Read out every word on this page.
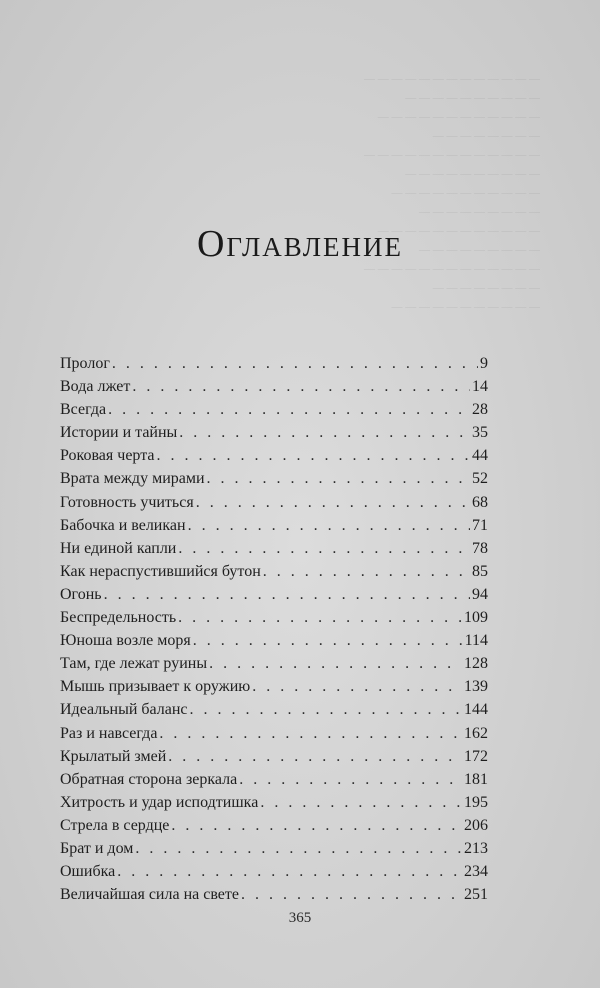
— — — — — — — — — — — — —
— — — — — — — — — —
— — — — — — — — — — — —
— — — — — — — —
— — — — — — — — — — — — —
— — — — — — — — — —
— — — — — — — — — — —
— — — — — — — — —
— — — — — — — — — — — —
— — — — — — — — —
— — — — — — — — — — — — —
— — — — — — — —
— — — — — — — — — — —
Оглавление
Пролог . . .	9
Вода лжет . . .	14
Всегда . . .	28
Истории и тайны . . .	35
Роковая черта . . .	44
Врата между мирами . . .	52
Готовность учиться . . .	68
Бабочка и великан . . .	71
Ни единой капли . . .	78
Как нераспустившийся бутон . . .	85
Огонь . . .	94
Беспредельность . . .	109
Юноша возле моря . . .	114
Там, где лежат руины . . .	128
Мышь призывает к оружию . . .	139
Идеальный баланс . . .	144
Раз и навсегда . . .	162
Крылатый змей . . .	172
Обратная сторона зеркала . . .	181
Хитрость и удар исподтишка . . .	195
Стрела в сердце . . .	206
Брат и дом . . .	213
Ошибка . . .	234
Величайшая сила на свете . . .	251
365
